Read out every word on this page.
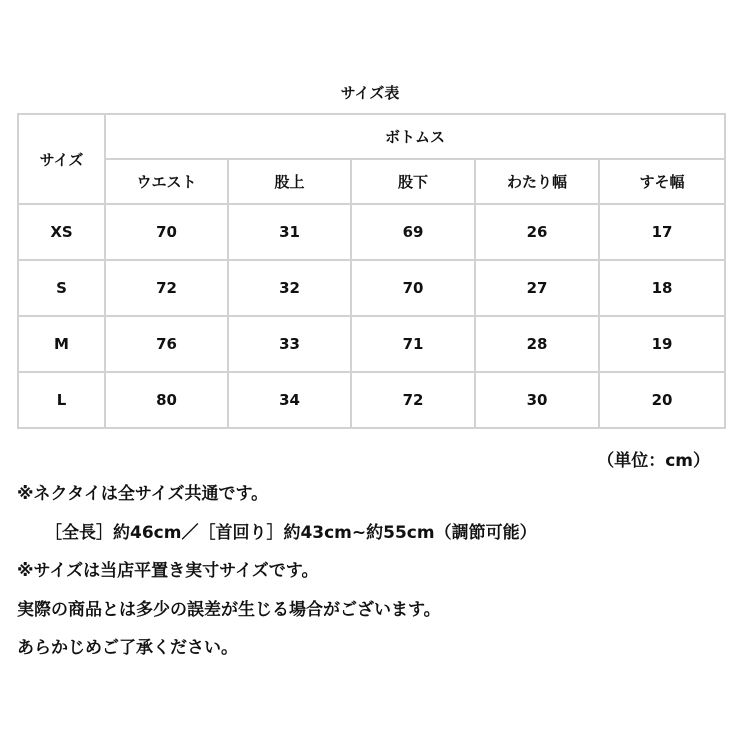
サイズ表
サイズ	ボトムス				
	ウエスト	股上	股下	わたり幅	すそ幅
XS	70	31	69	26	17
S	72	32	70	27	18
M	76	33	71	28	19
L	80	34	72	30	20
（単位：cm）
※ネクタイは全サイズ共通です。
［全長］約46cm／［首回り］約43cm~約55cm（調節可能）
※サイズは当店平置き実寸サイズです。
実際の商品とは多少の誤差が生じる場合がございます。
あらかじめご了承ください。
